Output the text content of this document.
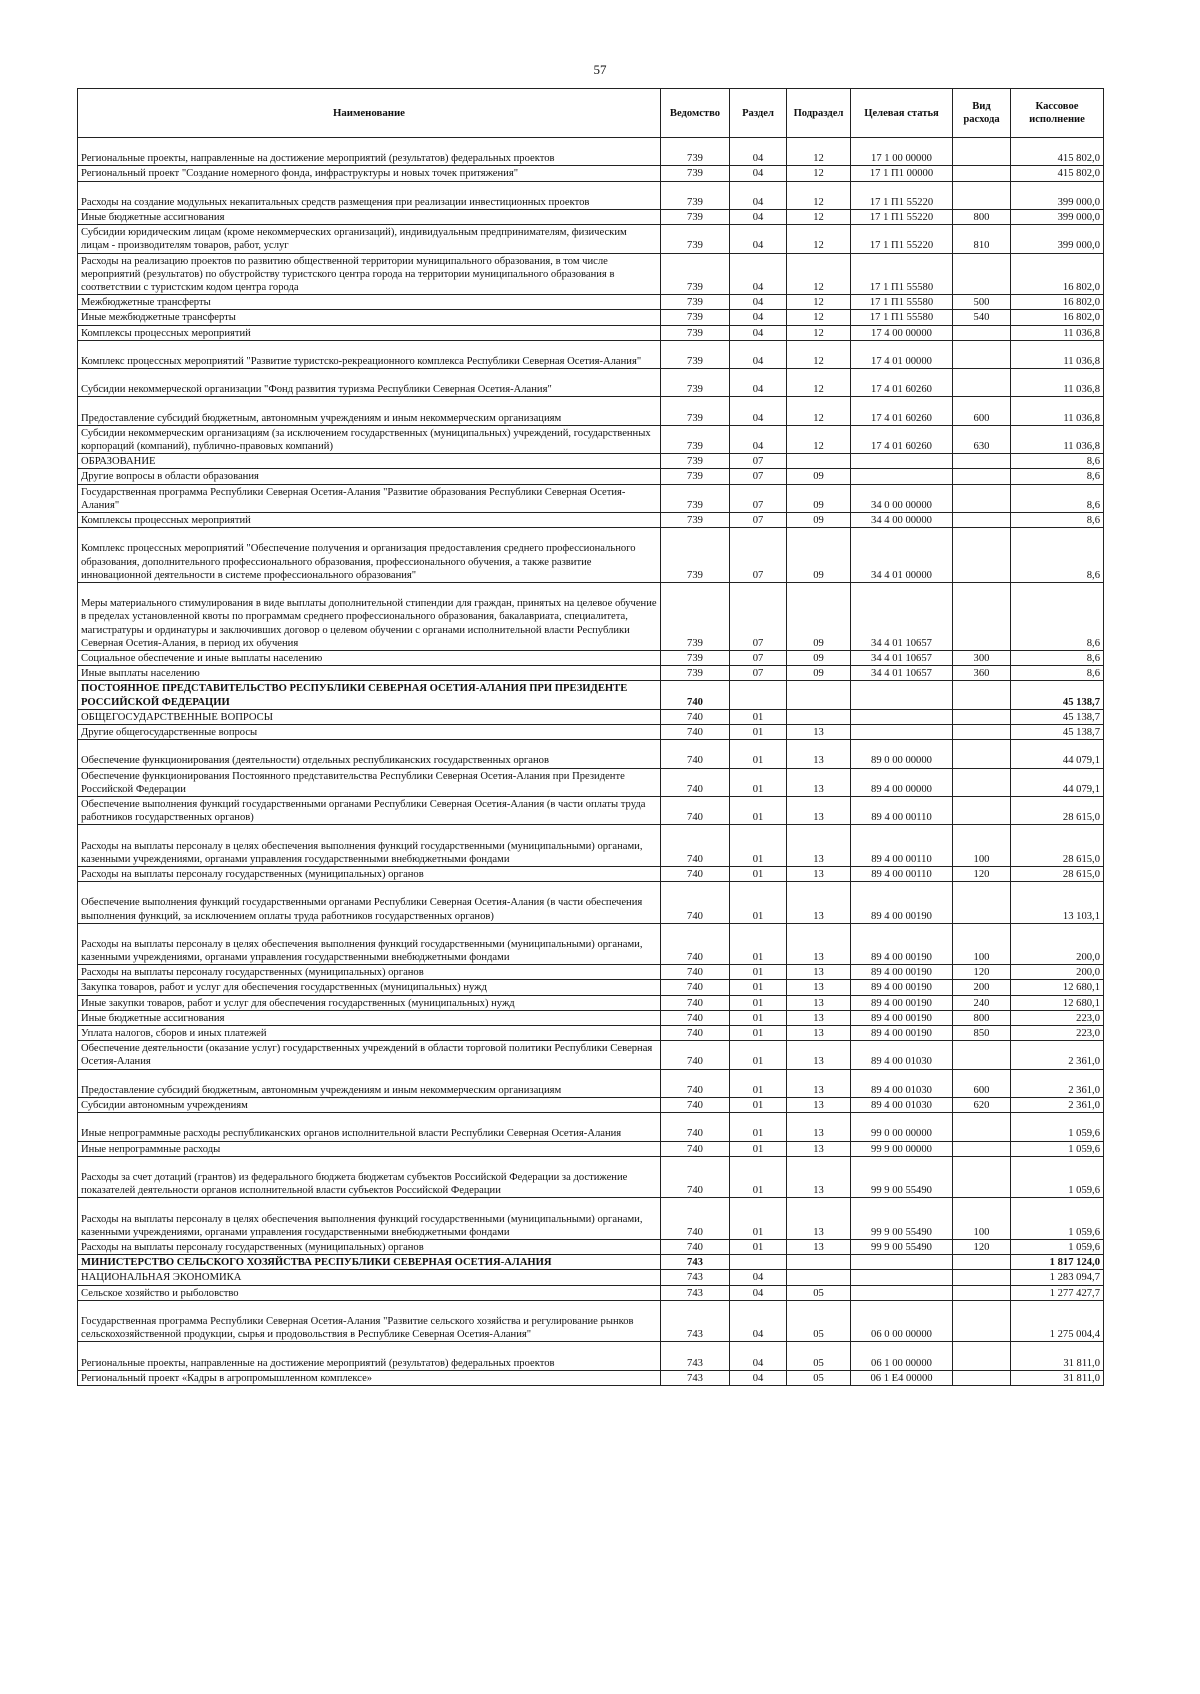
57
Наименование	Ведомство	Раздел	Подраздел	Целевая статья	Вид расхода	Кассовое исполнение
Региональные проекты, направленные на достижение мероприятий (результатов) федеральных проектов	739	04	12	17 1 00 00000		415 802,0
Региональный проект "Создание номерного фонда, инфраструктуры и новых точек притяжения"	739	04	12	17 1 П1 00000		415 802,0
Расходы на создание модульных некапитальных средств размещения при реализации инвестиционных проектов	739	04	12	17 1 П1 55220		399 000,0
Иные бюджетные ассигнования	739	04	12	17 1 П1 55220	800	399 000,0
Субсидии юридическим лицам (кроме некоммерческих организаций), индивидуальным предпринимателям, физическим лицам - производителям товаров, работ, услуг	739	04	12	17 1 П1 55220	810	399 000,0
Расходы на реализацию проектов по развитию общественной территории муниципального образования, в том числе мероприятий (результатов) по обустройству туристского центра города на территории муниципального образования в соответствии с туристским кодом центра города	739	04	12	17 1 П1 55580		16 802,0
Межбюджетные трансферты	739	04	12	17 1 П1 55580	500	16 802,0
Иные межбюджетные трансферты	739	04	12	17 1 П1 55580	540	16 802,0
Комплексы процессных мероприятий	739	04	12	17 4 00 00000		11 036,8
Комплекс процессных мероприятий "Развитие туристско-рекреационного комплекса Республики Северная Осетия-Алания"	739	04	12	17 4 01 00000		11 036,8
Субсидии некоммерческой организации "Фонд развития туризма Республики Северная Осетия-Алания"	739	04	12	17 4 01 60260		11 036,8
Предоставление субсидий бюджетным, автономным учреждениям и иным некоммерческим организациям	739	04	12	17 4 01 60260	600	11 036,8
Субсидии некоммерческим организациям (за исключением государственных (муниципальных) учреждений, государственных корпораций (компаний), публично-правовых компаний)	739	04	12	17 4 01 60260	630	11 036,8
ОБРАЗОВАНИЕ	739	07				8,6
Другие вопросы в области образования	739	07	09			8,6
Государственная программа Республики Северная Осетия-Алания "Развитие образования Республики Северная Осетия-Алания"	739	07	09	34 0 00 00000		8,6
Комплексы процессных мероприятий	739	07	09	34 4 00 00000		8,6
Комплекс процессных мероприятий "Обеспечение получения и организация предоставления среднего профессионального образования, дополнительного профессионального образования, профессионального обучения, а также развитие инновационной деятельности в системе профессионального образования"	739	07	09	34 4 01 00000		8,6
Меры материального стимулирования в виде выплаты дополнительной стипендии для граждан, принятых на целевое обучение в пределах установленной квоты по программам среднего профессионального образования, бакалавриата, специалитета, магистратуры и ординатуры и заключивших договор о целевом обучении с органами исполнительной власти Республики Северная Осетия-Алания, в период их обучения	739	07	09	34 4 01 10657		8,6
Социальное обеспечение и иные выплаты населению	739	07	09	34 4 01 10657	300	8,6
Иные выплаты населению	739	07	09	34 4 01 10657	360	8,6
ПОСТОЯННОЕ ПРЕДСТАВИТЕЛЬСТВО РЕСПУБЛИКИ СЕВЕРНАЯ ОСЕТИЯ-АЛАНИЯ ПРИ ПРЕЗИДЕНТЕ РОССИЙСКОЙ ФЕДЕРАЦИИ	740					45 138,7
ОБЩЕГОСУДАРСТВЕННЫЕ ВОПРОСЫ	740	01				45 138,7
Другие общегосударственные вопросы	740	01	13			45 138,7
Обеспечение функционирования (деятельности) отдельных республиканских государственных органов	740	01	13	89 0 00 00000		44 079,1
Обеспечение функционирования Постоянного представительства Республики Северная Осетия-Алания при Президенте Российской Федерации	740	01	13	89 4 00 00000		44 079,1
Обеспечение выполнения функций государственными органами Республики Северная Осетия-Алания (в части оплаты труда работников государственных органов)	740	01	13	89 4 00 00110		28 615,0
Расходы на выплаты персоналу в целях обеспечения выполнения функций государственными (муниципальными) органами, казенными учреждениями, органами управления государственными внебюджетными фондами	740	01	13	89 4 00 00110	100	28 615,0
Расходы на выплаты персоналу государственных (муниципальных) органов	740	01	13	89 4 00 00110	120	28 615,0
Обеспечение выполнения функций государственными органами Республики Северная Осетия-Алания (в части обеспечения выполнения функций, за исключением оплаты труда работников государственных органов)	740	01	13	89 4 00 00190		13 103,1
Расходы на выплаты персоналу в целях обеспечения выполнения функций государственными (муниципальными) органами, казенными учреждениями, органами управления государственными внебюджетными фондами	740	01	13	89 4 00 00190	100	200,0
Расходы на выплаты персоналу государственных (муниципальных) органов	740	01	13	89 4 00 00190	120	200,0
Закупка товаров, работ и услуг для обеспечения государственных (муниципальных) нужд	740	01	13	89 4 00 00190	200	12 680,1
Иные закупки товаров, работ и услуг для обеспечения государственных (муниципальных) нужд	740	01	13	89 4 00 00190	240	12 680,1
Иные бюджетные ассигнования	740	01	13	89 4 00 00190	800	223,0
Уплата налогов, сборов и иных платежей	740	01	13	89 4 00 00190	850	223,0
Обеспечение деятельности (оказание услуг) государственных учреждений в области торговой политики Республики Северная Осетия-Алания	740	01	13	89 4 00 01030		2 361,0
Предоставление субсидий бюджетным, автономным учреждениям и иным некоммерческим организациям	740	01	13	89 4 00 01030	600	2 361,0
Субсидии автономным учреждениям	740	01	13	89 4 00 01030	620	2 361,0
Иные непрограммные расходы республиканских органов исполнительной власти Республики Северная Осетия-Алания	740	01	13	99 0 00 00000		1 059,6
Иные непрограммные расходы	740	01	13	99 9 00 00000		1 059,6
Расходы за счет дотаций (грантов) из федерального бюджета бюджетам субъектов Российской Федерации за достижение показателей деятельности органов исполнительной власти субъектов Российской Федерации	740	01	13	99 9 00 55490		1 059,6
Расходы на выплаты персоналу в целях обеспечения выполнения функций государственными (муниципальными) органами, казенными учреждениями, органами управления государственными внебюджетными фондами	740	01	13	99 9 00 55490	100	1 059,6
Расходы на выплаты персоналу государственных (муниципальных) органов	740	01	13	99 9 00 55490	120	1 059,6
МИНИСТЕРСТВО СЕЛЬСКОГО ХОЗЯЙСТВА РЕСПУБЛИКИ СЕВЕРНАЯ ОСЕТИЯ-АЛАНИЯ	743					1 817 124,0
НАЦИОНАЛЬНАЯ ЭКОНОМИКА	743	04				1 283 094,7
Сельское хозяйство и рыболовство	743	04	05			1 277 427,7
Государственная программа Республики Северная Осетия-Алания "Развитие сельского хозяйства и регулирование рынков сельскохозяйственной продукции, сырья и продовольствия в Республике Северная Осетия-Алания"	743	04	05	06 0 00 00000		1 275 004,4
Региональные проекты, направленные на достижение мероприятий (результатов) федеральных проектов	743	04	05	06 1 00 00000		31 811,0
Региональный проект «Кадры в агропромышленном комплексе»	743	04	05	06 1 Е4 00000		31 811,0
